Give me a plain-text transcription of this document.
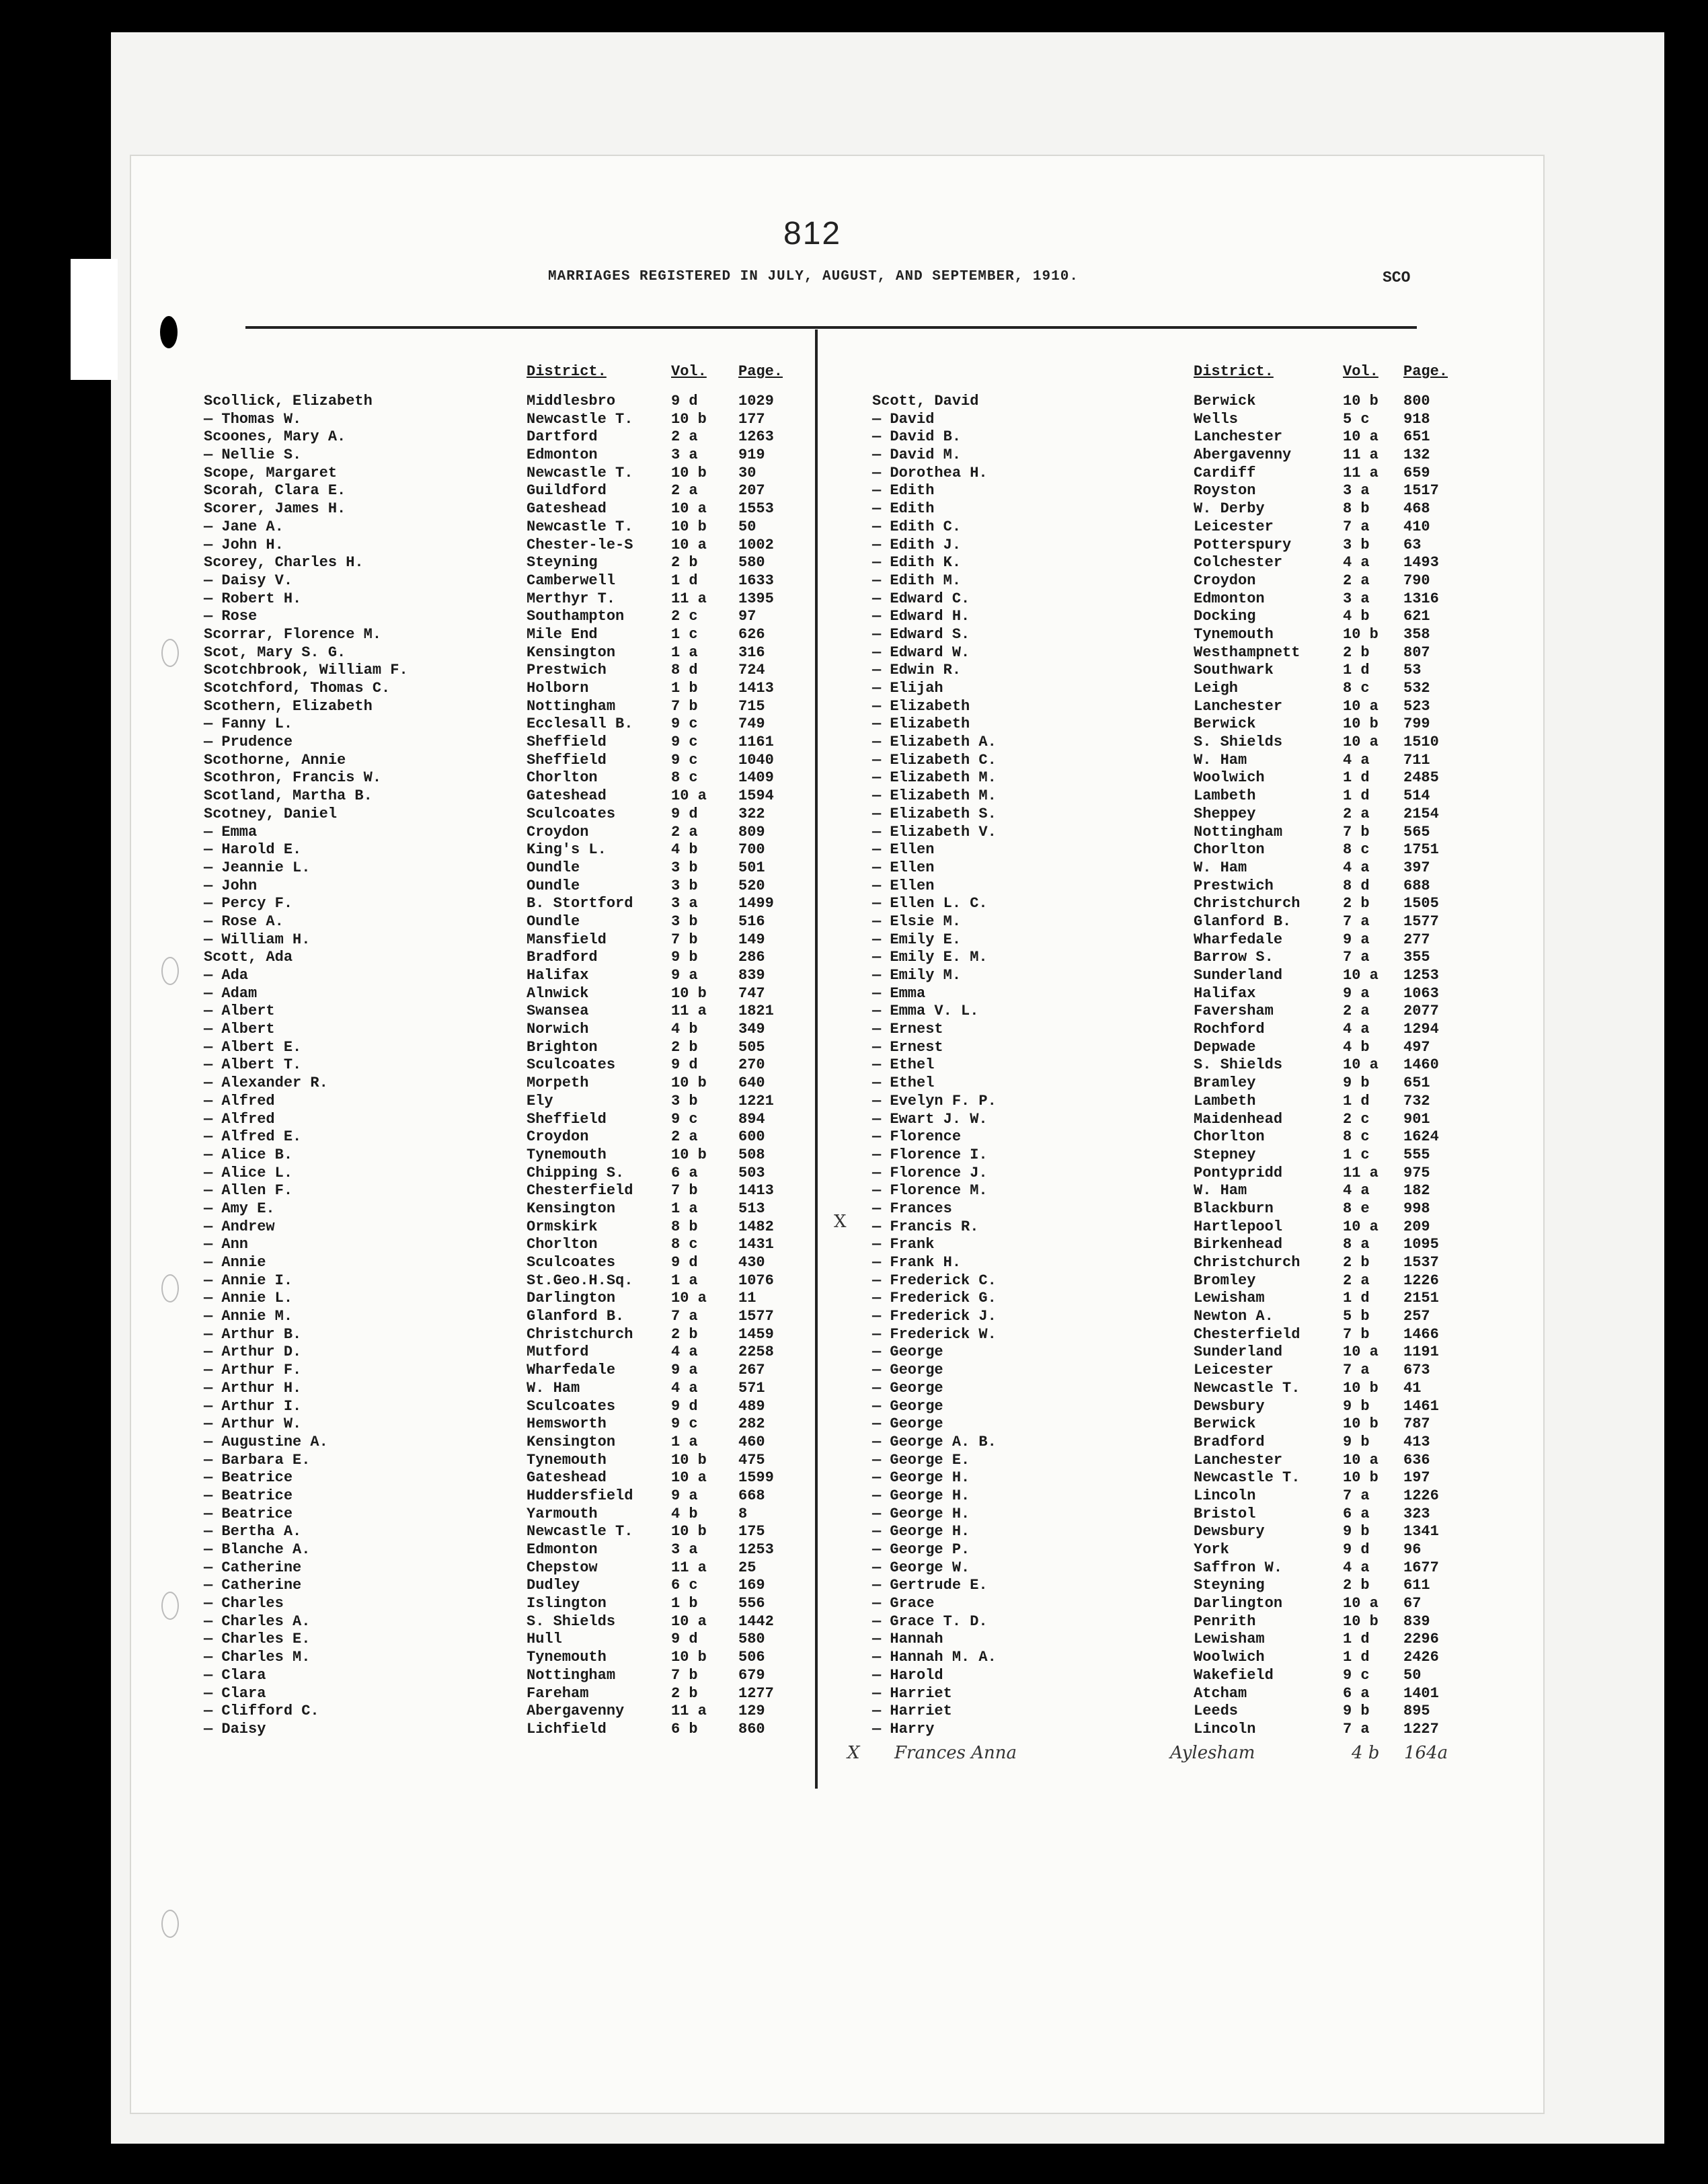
812
MARRIAGES REGISTERED IN JULY, AUGUST, AND SEPTEMBER, 1910.	SCO
District.	Vol. Page.
Scollick, Elizabeth	Middlesbro	9 d	1029
— Thomas W.	Newcastle T.	10 b 177
Scoones, Mary A.	Dartford	2 a	1263
— Nellie S.	Edmonton	3 a	919
Scope, Margaret	Newcastle T.	10 b 30
Scorah, Clara E.	Guildford	2 a	207
Scorer, James H.	Gateshead	10 a 1553
— Jane A.	Newcastle T.	10 b 50
— John H.	Chester-le-S	10 a 1002
Scorey, Charles H.	Steyning	2 b	580
— Daisy V.	Camberwell	1 d	1633
— Robert H.	Merthyr T.	11 a 1395
— Rose	Southampton	2 c	97
Scorrar, Florence M.	Mile End	1 c	626
Scot, Mary S. G.	Kensington	1 a	316
Scotchbrook, William F.	Prestwich	8 d	724
Scotchford, Thomas C.	Holborn	1 b	1413
Scothern, Elizabeth	Nottingham	7 b	715
— Fanny L.	Ecclesall B.	9 c	749
— Prudence	Sheffield	9 c	1161
Scothorne, Annie	Sheffield	9 c	1040
Scothron, Francis W.	Chorlton	8 c	1409
Scotland, Martha B.	Gateshead	10 a 1594
Scotney, Daniel	Sculcoates	9 d	322
— Emma	Croydon	2 a	809
— Harold E.	King's L.	4 b	700
— Jeannie L.	Oundle	3 b	501
— John	Oundle	3 b	520
— Percy F.	B. Stortford	3 a	1499
— Rose A.	Oundle	3 b	516
— William H.	Mansfield	7 b	149
Scott, Ada	Bradford	9 b	286
— Ada	Halifax	9 a	839
— Adam	Alnwick	10 b 747
— Albert	Swansea	11 a 1821
— Albert	Norwich	4 b	349
— Albert E.	Brighton	2 b	505
— Albert T.	Sculcoates	9 d	270
— Alexander R.	Morpeth	10 b 640
— Alfred	Ely	3 b	1221
— Alfred	Sheffield	9 c	894
— Alfred E.	Croydon	2 a	600
— Alice B.	Tynemouth	10 b 508
— Alice L.	Chipping S.	6 a	503
— Allen F.	Chesterfield	7 b	1413
— Amy E.	Kensington	1 a	513
— Andrew	Ormskirk	8 b	1482
— Ann	Chorlton	8 c	1431
— Annie	Sculcoates	9 d	430
— Annie I.	St.Geo.H.Sq.	1 a	1076
— Annie L.	Darlington	10 a 11
— Annie M.	Glanford B.	7 a	1577
— Arthur B.	Christchurch	2 b	1459
— Arthur D.	Mutford	4 a	2258
— Arthur F.	Wharfedale	9 a	267
— Arthur H.	W. Ham	4 a	571
— Arthur I.	Sculcoates	9 d	489
— Arthur W.	Hemsworth	9 c	282
— Augustine A.	Kensington	1 a	460
— Barbara E.	Tynemouth	10 b 475
— Beatrice	Gateshead	10 a 1599
— Beatrice	Huddersfield	9 a	668
— Beatrice	Yarmouth	4 b	8
— Bertha A.	Newcastle T.	10 b 175
— Blanche A.	Edmonton	3 a	1253
— Catherine	Chepstow	11 a 25
— Catherine	Dudley	6 c	169
— Charles	Islington	1 b	556
— Charles A.	S. Shields	10 a 1442
— Charles E.	Hull	9 d	580
— Charles M.	Tynemouth	10 b 506
— Clara	Nottingham	7 b	679
— Clara	Fareham	2 b	1277
— Clifford C.	Abergavenny	11 a 129
— Daisy	Lichfield	6 b	860
District.	Vol. Page.
Scott, David	Berwick	10 b 800
— David	Wells	5 c 918
— David B.	Lanchester	10 a 651
— David M.	Abergavenny	11 a 132
— Dorothea H.	Cardiff	11 a 659
— Edith	Royston	3 a 1517
— Edith	W. Derby	8 b 468
— Edith C.	Leicester	7 a 410
— Edith J.	Potterspury	3 b 63
— Edith K.	Colchester	4 a 1493
— Edith M.	Croydon	2 a 790
— Edward C.	Edmonton	3 a 1316
— Edward H.	Docking	4 b 621
— Edward S.	Tynemouth	10 b 358
— Edward W.	Westhampnett	2 b 807
— Edwin R.	Southwark	1 d 53
— Elijah	Leigh	8 c 532
— Elizabeth	Lanchester	10 a 523
— Elizabeth	Berwick	10 b 799
— Elizabeth A.	S. Shields	10 a 1510
— Elizabeth C.	W. Ham	4 a 711
— Elizabeth M.	Woolwich	1 d 2485
— Elizabeth M.	Lambeth	1 d 514
— Elizabeth S.	Sheppey	2 a 2154
— Elizabeth V.	Nottingham	7 b 565
— Ellen	Chorlton	8 c 1751
— Ellen	W. Ham	4 a 397
— Ellen	Prestwich	8 d 688
— Ellen L. C.	Christchurch	2 b 1505
— Elsie M.	Glanford B.	7 a 1577
— Emily E.	Wharfedale	9 a 277
— Emily E. M.	Barrow S.	7 a 355
— Emily M.	Sunderland	10 a 1253
— Emma	Halifax	9 a 1063
— Emma V. L.	Faversham	2 a 2077
— Ernest	Rochford	4 a 1294
— Ernest	Depwade	4 b 497
— Ethel	S. Shields	10 a 1460
— Ethel	Bramley	9 b 651
— Evelyn F. P.	Lambeth	1 d 732
— Ewart J. W.	Maidenhead	2 c 901
— Florence	Chorlton	8 c 1624
— Florence I.	Stepney	1 c 555
— Florence J.	Pontypridd	11 a 975
— Florence M.	W. Ham	4 a 182
— Frances	Blackburn	8 e 998
— Francis R.	Hartlepool	10 a 209
— Frank	Birkenhead	8 a 1095
— Frank H.	Christchurch	2 b 1537
— Frederick C.	Bromley	2 a 1226
— Frederick G.	Lewisham	1 d 2151
— Frederick J.	Newton A.	5 b 257
— Frederick W.	Chesterfield	7 b 1466
— George	Sunderland	10 a 1191
— George	Leicester	7 a 673
— George	Newcastle T.	10 b 41
— George	Dewsbury	9 b 1461
— George	Berwick	10 b 787
— George A. B.	Bradford	9 b 413
— George E.	Lanchester	10 a 636
— George H.	Newcastle T.	10 b 197
— George H.	Lincoln	7 a 1226
— George H.	Bristol	6 a 323
— George H.	Dewsbury	9 b 1341
— George P.	York	9 d 96
— George W.	Saffron W.	4 a 1677
— Gertrude E.	Steyning	2 b 611
— Grace	Darlington	10 a 67
— Grace T. D.	Penrith	10 b 839
— Hannah	Lewisham	1 d 2296
— Hannah M. A.	Woolwich	1 d 2426
— Harold	Wakefield	9 c 50
— Harriet	Atcham	6 a 1401
— Harriet	Leeds	9 b 895
— Harry	Lincoln	7 a 1227
X
X Frances Anna	Aylesham	4 b 164a
